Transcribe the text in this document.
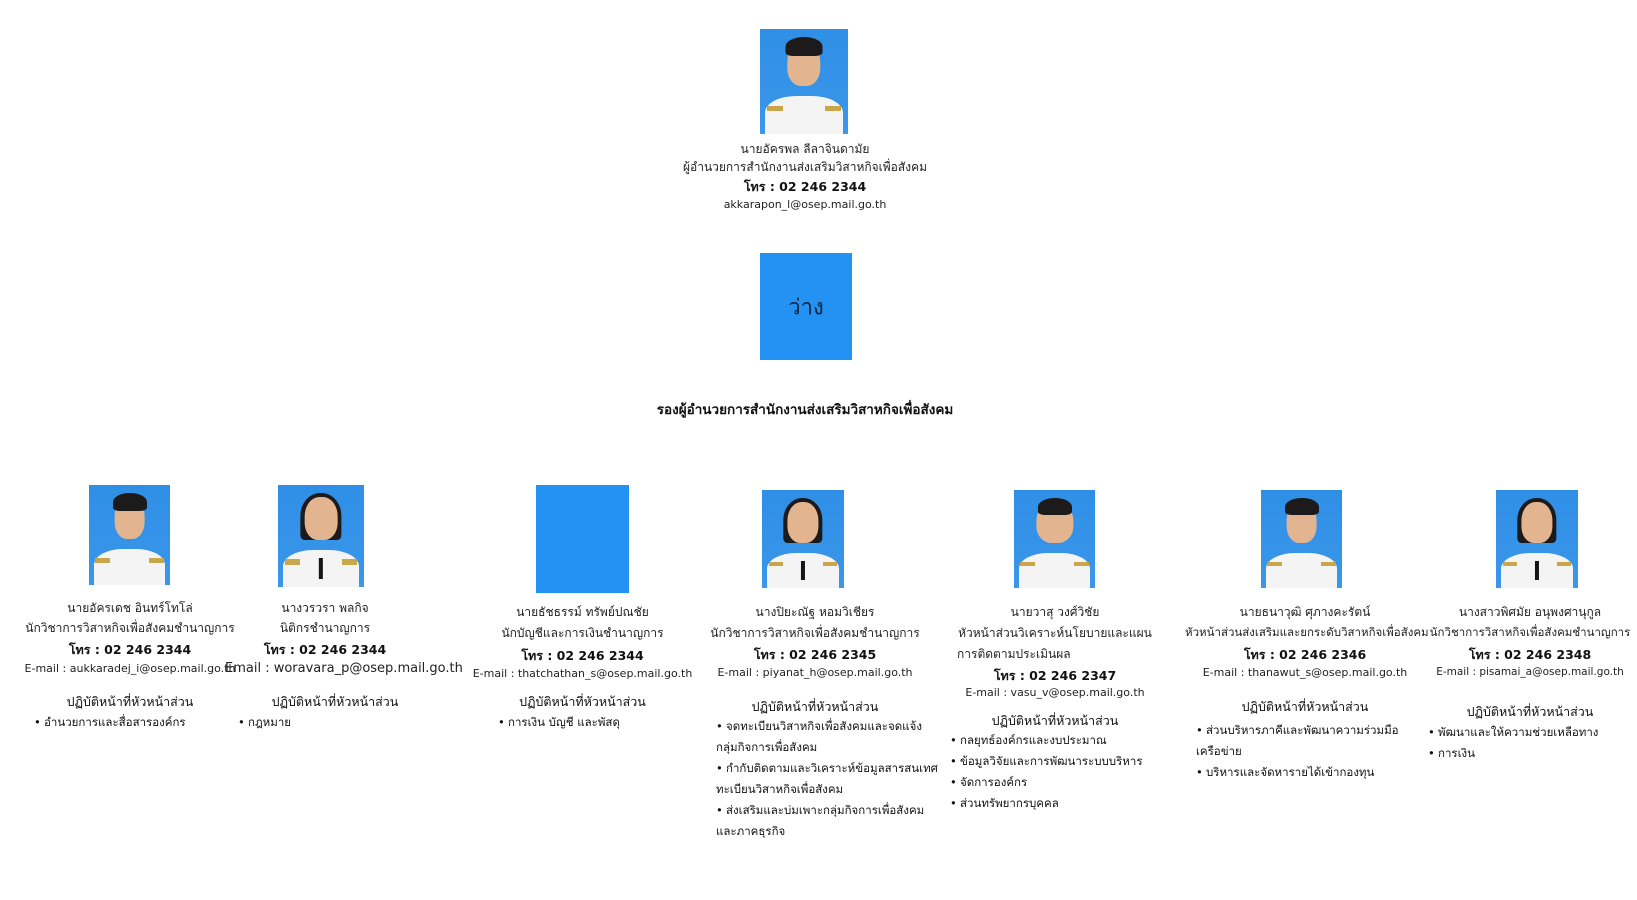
นายอัครพล ลีลาจินดามัย
ผู้อำนวยการสำนักงานส่งเสริมวิสาหกิจเพื่อสังคม
โทร : 02 246 2344
akkarapon_l@osep.mail.go.th
ว่าง
รองผู้อำนวยการสำนักงานส่งเสริมวิสาหกิจเพื่อสังคม
นายอัครเดช อินทร์โทโล่
นักวิชาการวิสาหกิจเพื่อสังคมชำนาญการ
โทร : 02 246 2344
E-mail : aukkaradej_i@osep.mail.go.th
ปฏิบัติหน้าที่หัวหน้าส่วน
• อำนวยการและสื่อสารองค์กร
นางวรวรา พลกิจ
นิติกรชำนาญการ
โทร : 02 246 2344
Email : woravara_p@osep.mail.go.th
ปฏิบัติหน้าที่หัวหน้าส่วน
• กฎหมาย
นายธัชธรรม์ ทรัพย์ปณชัย
นักบัญชีและการเงินชำนาญการ
โทร : 02 246 2344
E-mail : thatchathan_s@osep.mail.go.th
ปฏิบัติหน้าที่หัวหน้าส่วน
• การเงิน บัญชี และพัสดุ
นางปิยะณัฐ หอมวิเชียร
นักวิชาการวิสาหกิจเพื่อสังคมชำนาญการ
โทร : 02 246 2345
E-mail : piyanat_h@osep.mail.go.th
ปฏิบัติหน้าที่หัวหน้าส่วน
• จดทะเบียนวิสาหกิจเพื่อสังคมและจดแจ้ง
กลุ่มกิจการเพื่อสังคม
• กำกับติดตามและวิเคราะห์ข้อมูลสารสนเทศ
ทะเบียนวิสาหกิจเพื่อสังคม
• ส่งเสริมและบ่มเพาะกลุ่มกิจการเพื่อสังคม
และภาคธุรกิจ
นายวาสุ วงศ์วิชัย
หัวหน้าส่วนวิเคราะห์นโยบายและแผน
การติดตามประเมินผล
โทร : 02 246 2347
E-mail : vasu_v@osep.mail.go.th
ปฏิบัติหน้าที่หัวหน้าส่วน
• กลยุทธ์องค์กรและงบประมาณ
• ข้อมูลวิจัยและการพัฒนาระบบบริหาร
• จัดการองค์กร
• ส่วนทรัพยากรบุคคล
นายธนาวุฒิ ศุภางคะรัตน์
หัวหน้าส่วนส่งเสริมและยกระดับวิสาหกิจเพื่อสังคม
โทร : 02 246 2346
E-mail : thanawut_s@osep.mail.go.th
ปฏิบัติหน้าที่หัวหน้าส่วน
• ส่วนบริหารภาคีและพัฒนาความร่วมมือ
เครือข่าย
• บริหารและจัดหารายได้เข้ากองทุน
นางสาวพิศมัย อนุพงศานุกูล
นักวิชาการวิสาหกิจเพื่อสังคมชำนาญการ
โทร : 02 246 2348
E-mail : pisamai_a@osep.mail.go.th
ปฏิบัติหน้าที่หัวหน้าส่วน
• พัฒนาและให้ความช่วยเหลือทาง
• การเงิน
